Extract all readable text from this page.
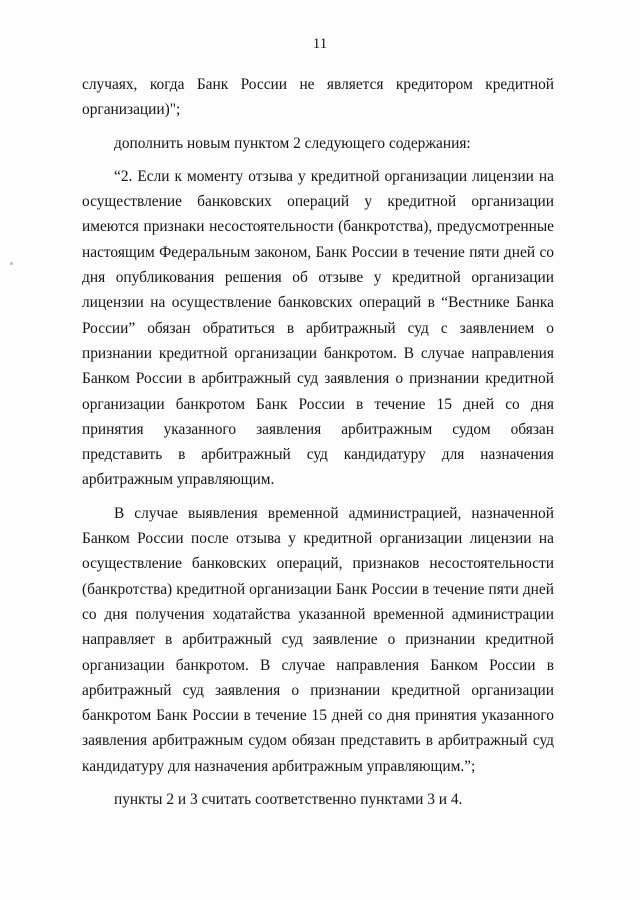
11

случаях, когда Банк России не является кредитором кредитной организации)";

дополнить новым пунктом 2 следующего содержания:

“2. Если к моменту отзыва у кредитной организации лицензии на осуществление банковских операций у кредитной организации имеются признаки несостоятельности (банкротства), предусмотренные настоящим Федеральным законом, Банк России в течение пяти дней со дня опубликования решения об отзыве у кредитной организации лицензии на осуществление банковских операций в “Вестнике Банка России” обязан обратиться в арбитражный суд с заявлением о признании кредитной организации банкротом. В случае направления Банком России в арбитражный суд заявления о признании кредитной организации банкротом Банк России в течение 15 дней со дня принятия указанного заявления арбитражным судом обязан представить в арбитражный суд кандидатуру для назначения арбитражным управляющим.

В случае выявления временной администрацией, назначенной Банком России после отзыва у кредитной организации лицензии на осуществление банковских операций, признаков несостоятельности (банкротства) кредитной организации Банк России в течение пяти дней со дня получения ходатайства указанной временной администрации направляет в арбитражный суд заявление о признании кредитной организации банкротом. В случае направления Банком России в арбитражный суд заявления о признании кредитной организации банкротом Банк России в течение 15 дней со дня принятия указанного заявления арбитражным судом обязан представить в арбитражный суд кандидатуру для назначения арбитражным управляющим.”;

пункты 2 и 3 считать соответственно пунктами 3 и 4.
